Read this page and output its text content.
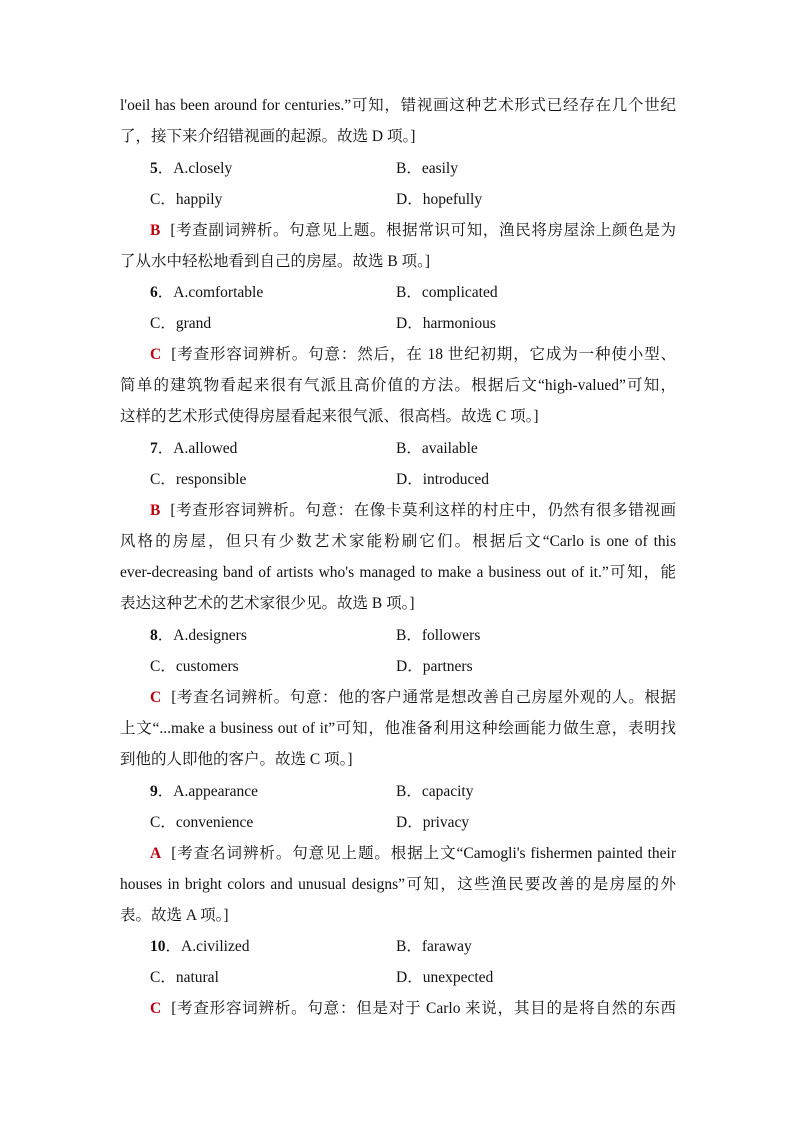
l'oeil has been around for centuries.”可知，错视画这种艺术形式已经存在几个世纪
了，接下来介绍错视画的起源。故选 D 项。]
5．A.closely	B．easily
C．happily	D．hopefully
B [考查副词辨析。句意见上题。根据常识可知，渔民将房屋涂上颜色是为
了从水中轻松地看到自己的房屋。故选 B 项。]
6．A.comfortable	B．complicated
C．grand	D．harmonious
C [考查形容词辨析。句意：然后，在 18 世纪初期，它成为一种使小型、
简单的建筑物看起来很有气派且高价值的方法。根据后文“high-valued”可知，
这样的艺术形式使得房屋看起来很气派、很高档。故选 C 项。]
7．A.allowed	B．available
C．responsible	D．introduced
B [考查形容词辨析。句意：在像卡莫利这样的村庄中，仍然有很多错视画
风格的房屋，但只有少数艺术家能粉刷它们。根据后文“Carlo is one of this
ever-decreasing band of artists who's managed to make a business out of it.”可知，能
表达这种艺术的艺术家很少见。故选 B 项。]
8．A.designers	B．followers
C．customers	D．partners
C [考查名词辨析。句意：他的客户通常是想改善自己房屋外观的人。根据
上文“...make a business out of it”可知，他准备利用这种绘画能力做生意，表明找
到他的人即他的客户。故选 C 项。]
9．A.appearance	B．capacity
C．convenience	D．privacy
A [考查名词辨析。句意见上题。根据上文“Camogli's fishermen painted their
houses in bright colors and unusual designs”可知，这些渔民要改善的是房屋的外
表。故选 A 项。]
10．A.civilized	B．faraway
C．natural	D．unexpected
C [考查形容词辨析。句意：但是对于 Carlo 来说，其目的是将自然的东西
